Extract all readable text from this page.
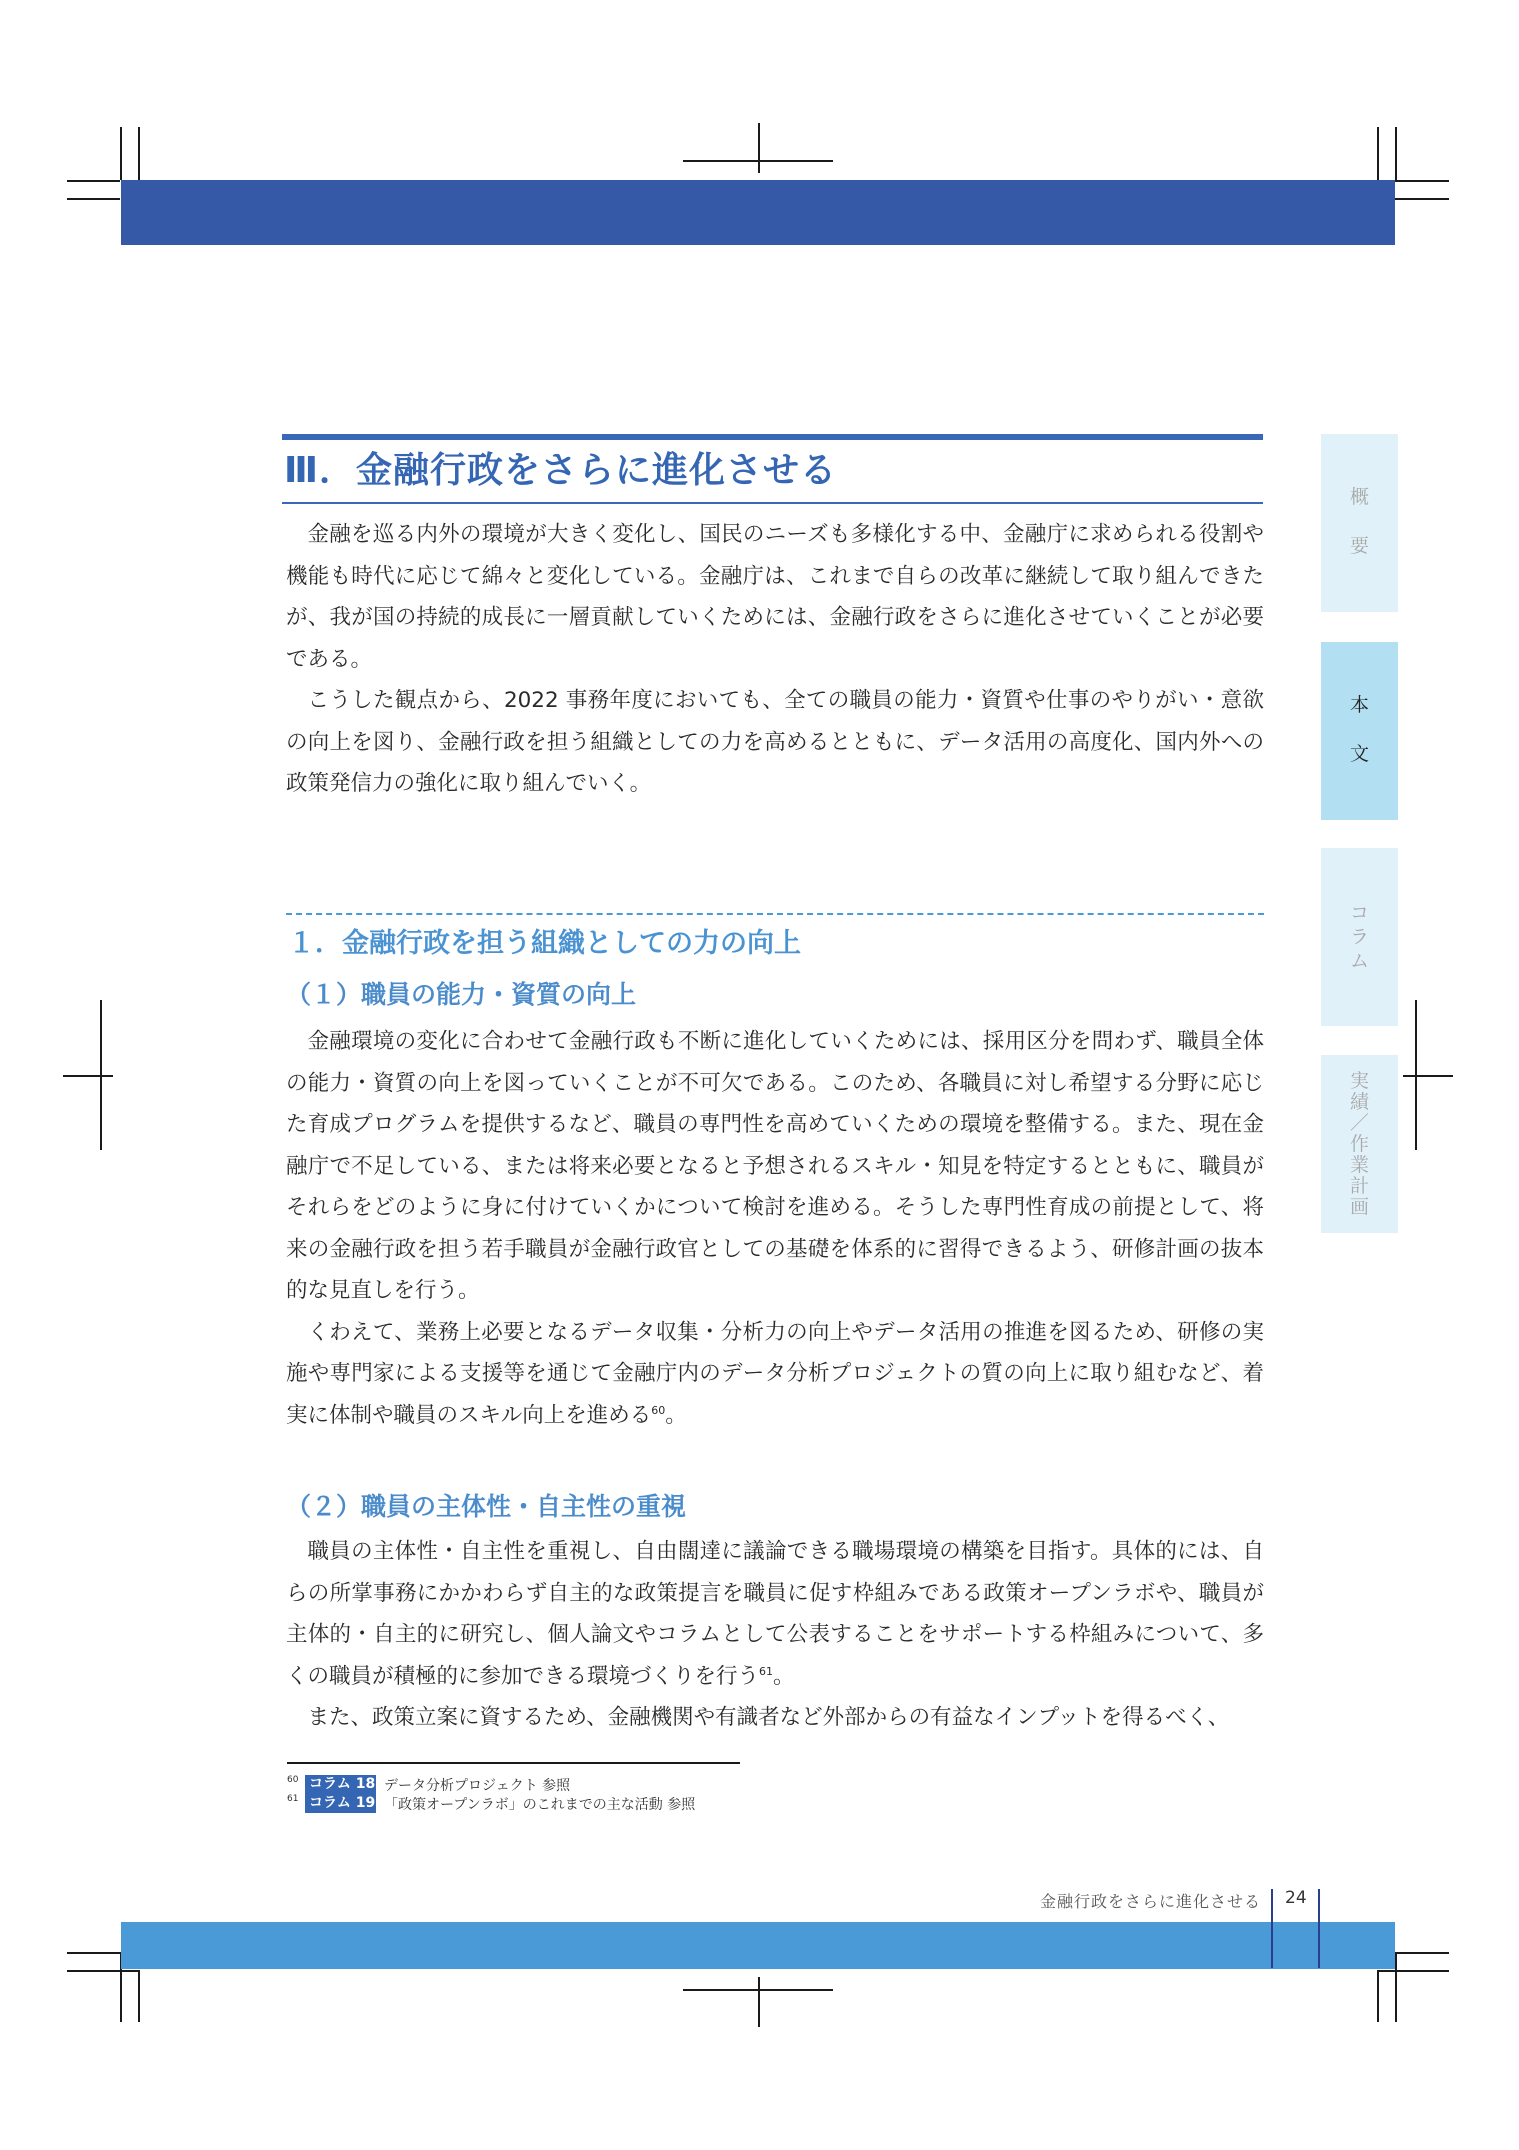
Ⅲ．金融行政をさらに進化させる

金融を巡る内外の環境が大きく変化し、国民のニーズも多様化する中、金融庁に求められる役割や機能も時代に応じて綿々と変化している。金融庁は、これまで自らの改革に継続して取り組んできたが、我が国の持続的成長に一層貢献していくためには、金融行政をさらに進化させていくことが必要である。

こうした観点から、2022 事務年度においても、全ての職員の能力・資質や仕事のやりがい・意欲の向上を図り、金融行政を担う組織としての力を高めるとともに、データ活用の高度化、国内外への政策発信力の強化に取り組んでいく。

１．金融行政を担う組織としての力の向上
（１）職員の能力・資質の向上

金融環境の変化に合わせて金融行政も不断に進化していくためには、採用区分を問わず、職員全体の能力・資質の向上を図っていくことが不可欠である。このため、各職員に対し希望する分野に応じた育成プログラムを提供するなど、職員の専門性を高めていくための環境を整備する。また、現在金融庁で不足している、または将来必要となると予想されるスキル・知見を特定するとともに、職員がそれらをどのように身に付けていくかについて検討を進める。そうした専門性育成の前提として、将来の金融行政を担う若手職員が金融行政官としての基礎を体系的に習得できるよう、研修計画の抜本的な見直しを行う。

くわえて、業務上必要となるデータ収集・分析力の向上やデータ活用の推進を図るため、研修の実施や専門家による支援等を通じて金融庁内のデータ分析プロジェクトの質の向上に取り組むなど、着実に体制や職員のスキル向上を進める$^{60}$。

（２）職員の主体性・自主性の重視

職員の主体性・自主性を重視し、自由闊達に議論できる職場環境の構築を目指す。具体的には、自らの所掌事務にかかわらず自主的な政策提言を職員に促す枠組みである政策オープンラボや、職員が主体的・自主的に研究し、個人論文やコラムとして公表することをサポートする枠組みについて、多くの職員が積極的に参加できる環境づくりを行う$^{61}$。

また、政策立案に資するため、金融機関や有識者など外部からの有益なインプットを得るべく、

60 コラム 18 データ分析プロジェクト 参照
61 コラム 19 「政策オープンラボ」のこれまでの主な活動 参照
概
要
本
文
コ
ラ
ム
実
績
／
作
業
計
画
金融行政をさらに進化させる 24
